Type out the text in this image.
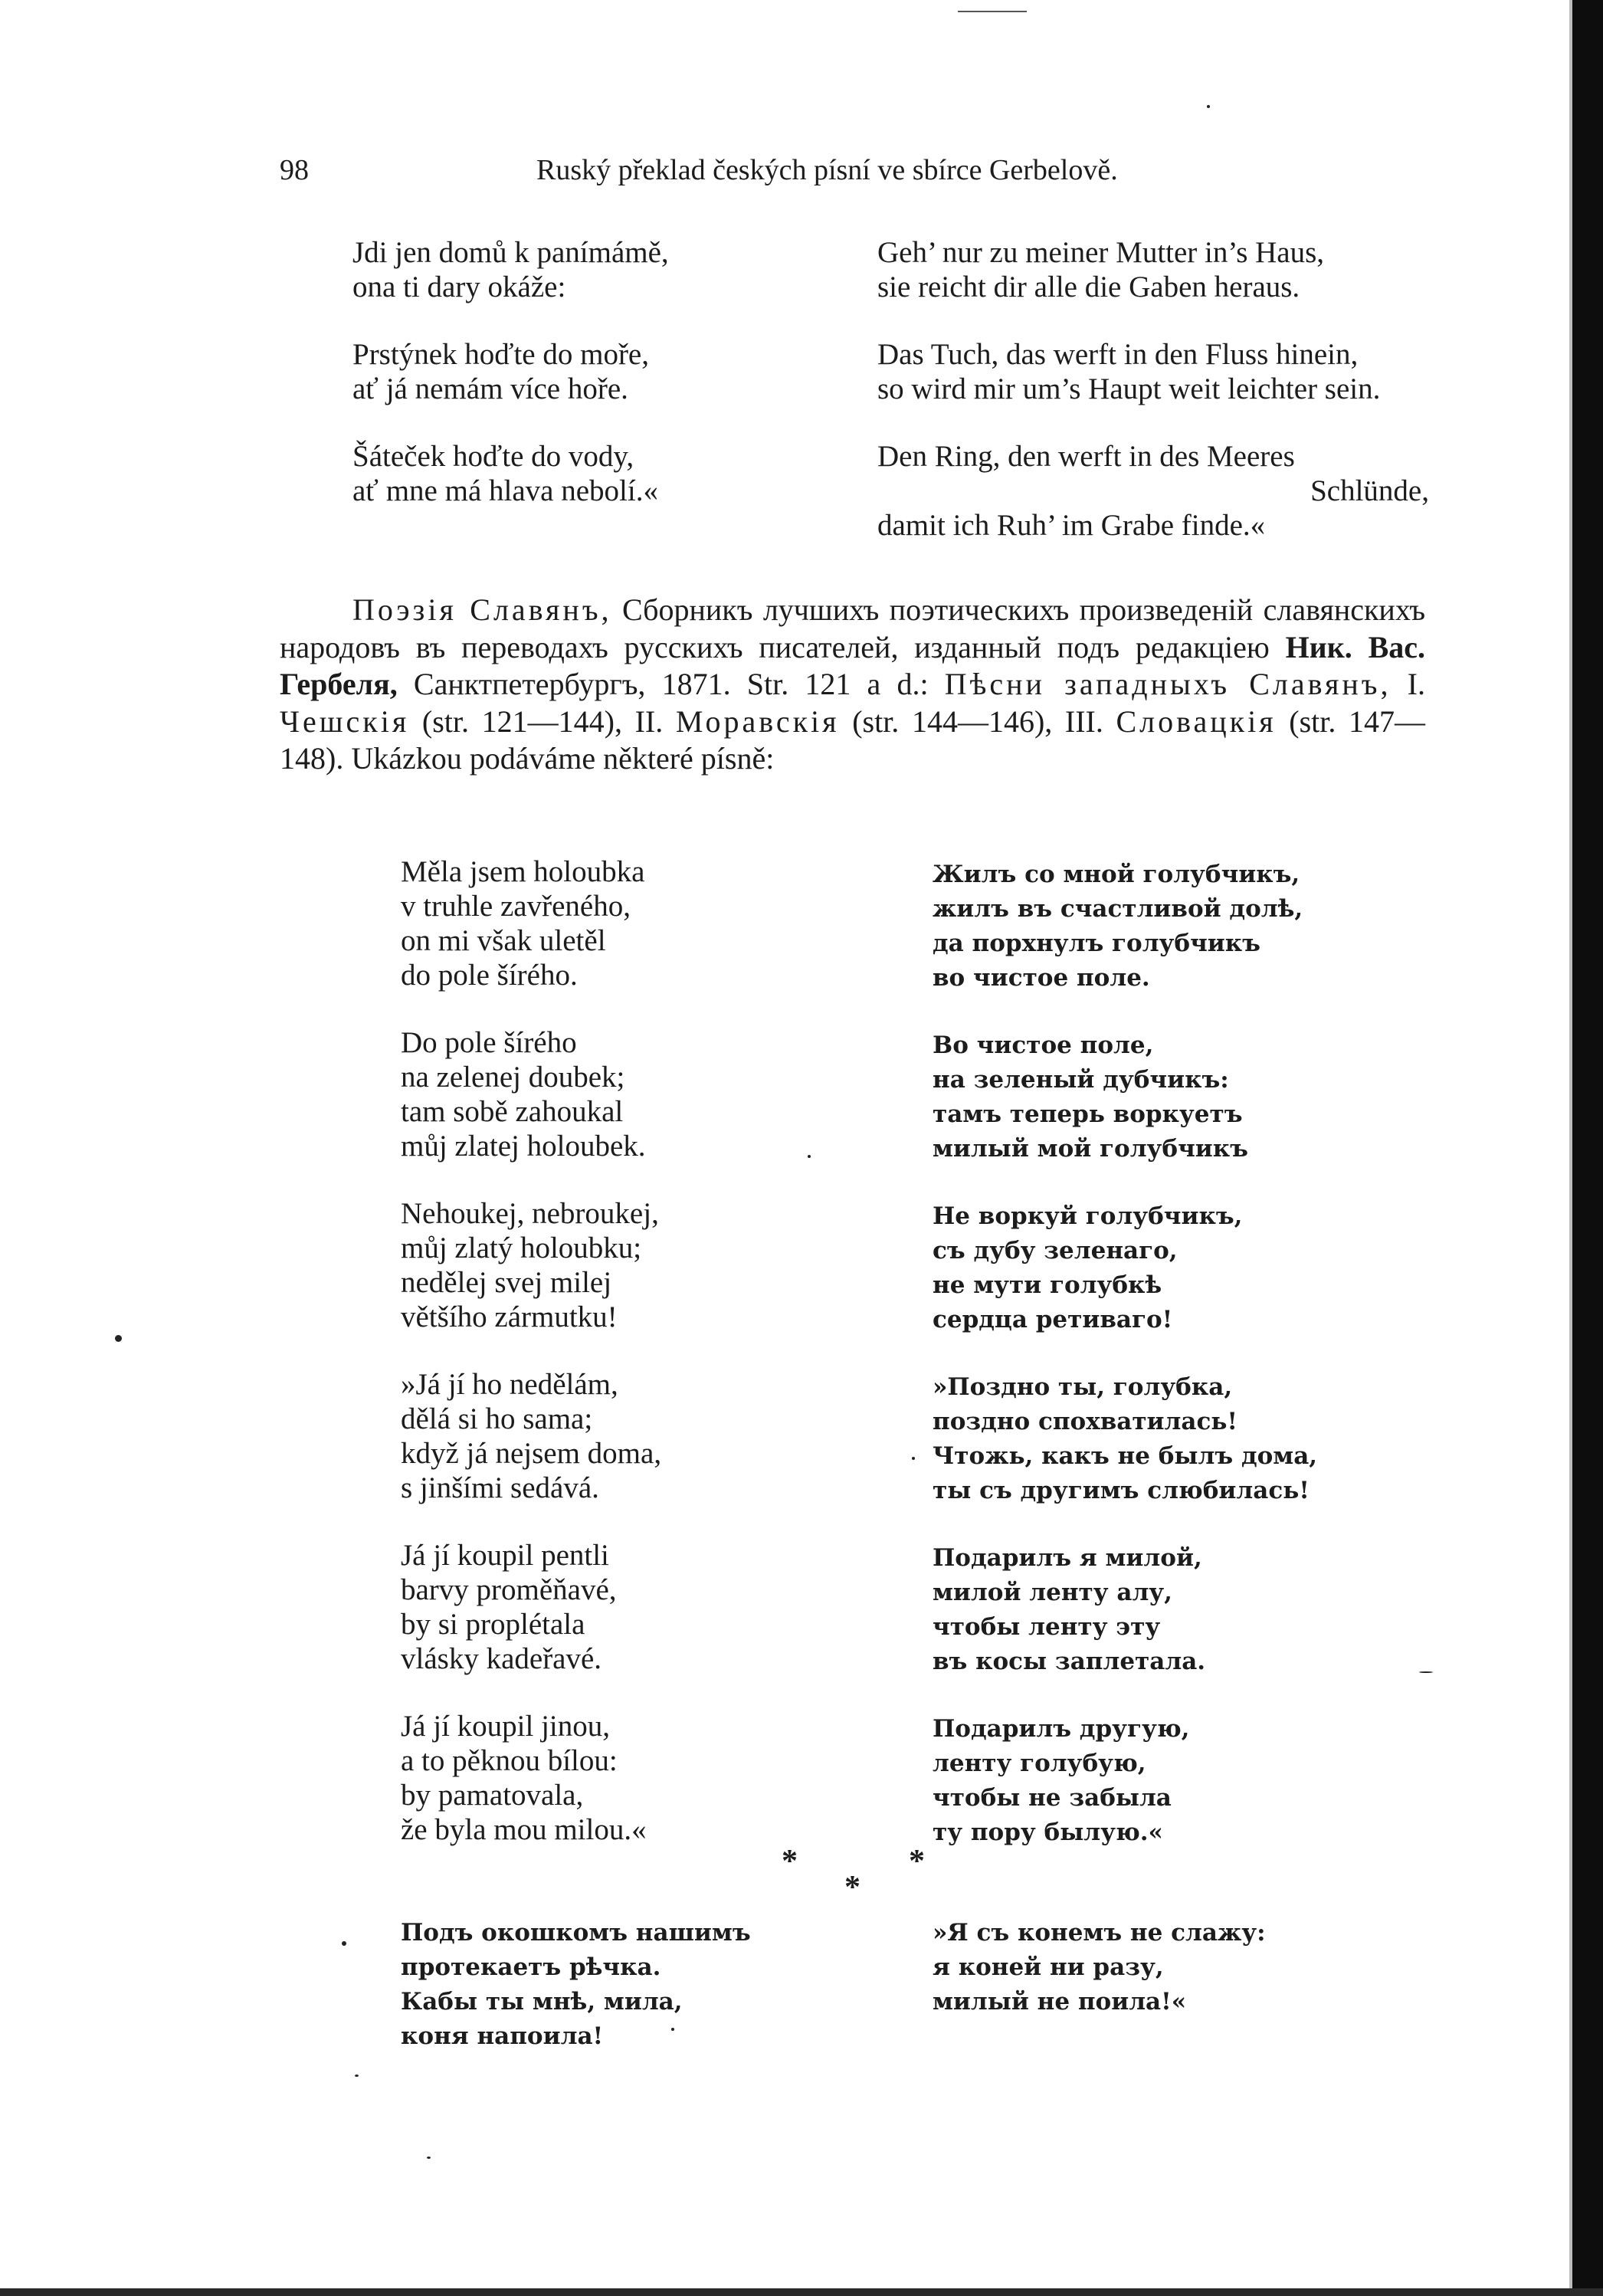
98	Ruský překlad českých písní ve sbírce Gerbelově.
Jdi jen domů k panímámě,
ona ti dary okáže:
Prstýnek hoďte do moře,
ať já nemám více hoře.
Šáteček hoďte do vody,
ať mne má hlava nebolí.«
Geh’ nur zu meiner Mutter in’s Haus,
sie reicht dir alle die Gaben heraus.
Das Tuch, das werft in den Fluss hinein,
so wird mir um’s Haupt weit leichter sein.
Den Ring, den werft in des Meeres
Schlünde,
damit ich Ruh’ im Grabe finde.«
Поэзія Славянъ, Сборникъ лучшихъ поэтическихъ произведеній славянскихъ народовъ въ переводахъ русскихъ писателей, изданный подъ редакціею Ник. Вас. Гербеля, Санктпетербургъ, 1871. Str. 121 a d.: Пѣсни западныхъ Славянъ, I. Чешскія (str. 121—144), II. Моравскія (str. 144—146), III. Словацкія (str. 147—148). Ukázkou podáváme některé písně:
Měla jsem holoubka
v truhle zavřeného,
on mi však uletěl
do pole šírého.
Do pole šírého
na zelenej doubek;
tam sobě zahoukal
můj zlatej holoubek.
Nehoukej, nebroukej,
můj zlatý holoubku;
nedělej svej milej
většího zármutku!
»Já jí ho nedělám,
dělá si ho sama;
když já nejsem doma,
s jinšími sedává.
Já jí koupil pentli
barvy proměňavé,
by si proplétala
vlásky kadeřavé.
Já jí koupil jinou,
a to pěknou bílou:
by pamatovala,
že byla mou milou.«
Жилъ со мной голубчикъ,
жилъ въ счастливой долѣ,
да порхнулъ голубчикъ
во чистое поле.
Во чистое поле,
на зеленый дубчикъ:
тамъ теперь воркуетъ
милый мой голубчикъ
Не воркуй голубчикъ,
съ дубу зеленаго,
не мути голубкѣ
сердца ретиваго!
»Поздно ты, голубка,
поздно спохватилась!
Чтожь, какъ не былъ дома,
ты съ другимъ слюбилась!
Подарилъ я милой,
милой ленту алу,
чтобы ленту эту
въ косы заплетала.
Подарилъ другую,
ленту голубую,
чтобы не забыла
ту пору былую.«
*
*
*
Подъ окошкомъ нашимъ
протекаетъ рѣчка.
Кабы ты мнѣ, мила,
коня напоила!
»Я съ конемъ не слажу:
я коней ни разу,
милый не поила!«
